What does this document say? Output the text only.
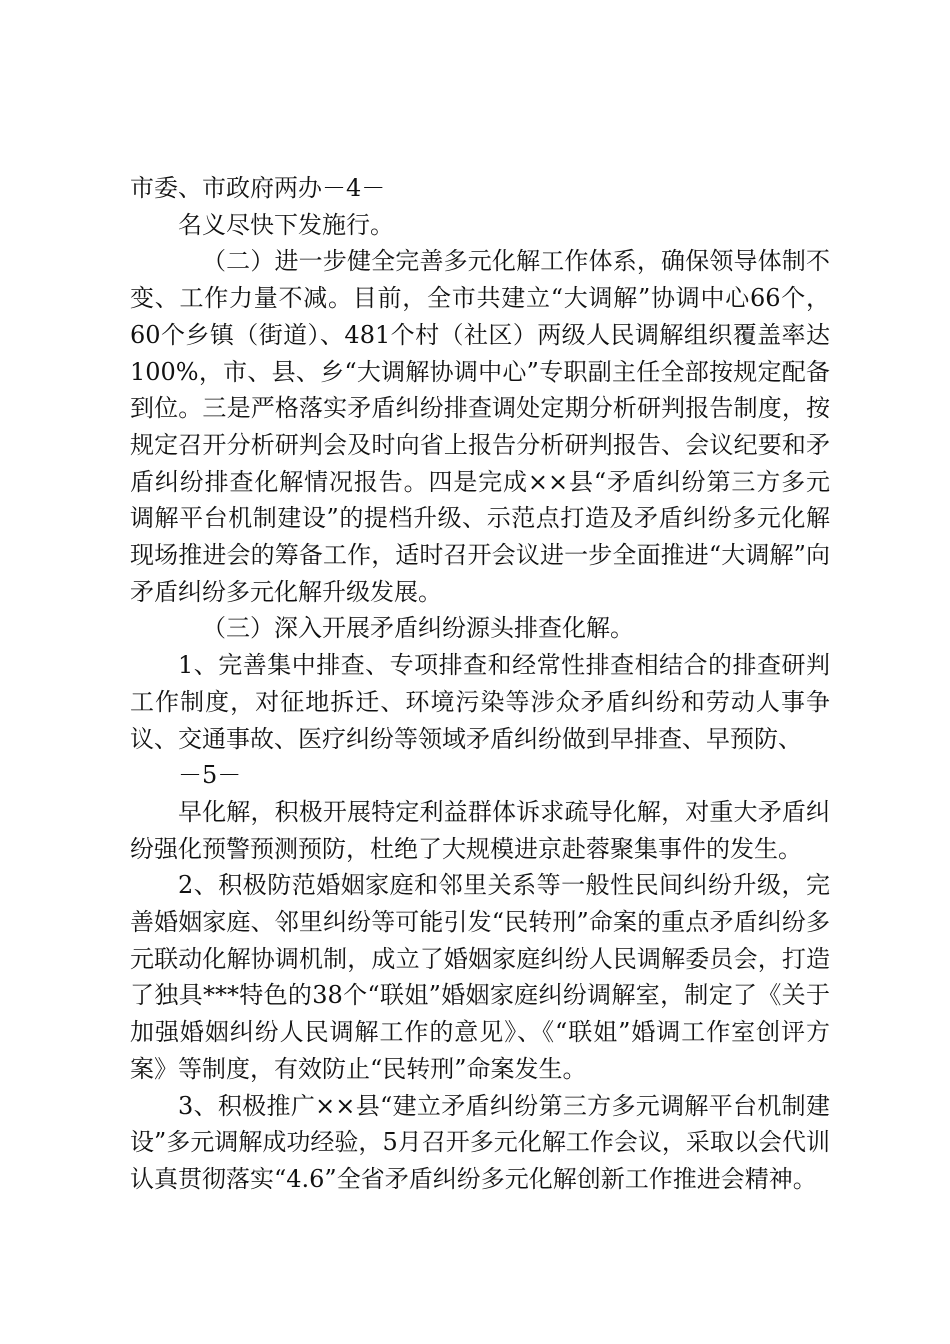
市委、市政府两办－4－

名义尽快下发施行。

（二）进一步健全完善多元化解工作体系，确保领导体制不变、工作力量不减。目前，全市共建立“大调解”协调中心66个，60个乡镇（街道）、481个村（社区）两级人民调解组织覆盖率达100%，市、县、乡“大调解协调中心”专职副主任全部按规定配备到位。三是严格落实矛盾纠纷排查调处定期分析研判报告制度，按规定召开分析研判会及时向省上报告分析研判报告、会议纪要和矛盾纠纷排查化解情况报告。四是完成××县“矛盾纠纷第三方多元调解平台机制建设”的提档升级、示范点打造及矛盾纠纷多元化解现场推进会的筹备工作，适时召开会议进一步全面推进“大调解”向矛盾纠纷多元化解升级发展。

（三）深入开展矛盾纠纷源头排查化解。

1、完善集中排查、专项排查和经常性排查相结合的排查研判工作制度，对征地拆迁、环境污染等涉众矛盾纠纷和劳动人事争议、交通事故、医疗纠纷等领域矛盾纠纷做到早排查、早预防、

－5－

早化解，积极开展特定利益群体诉求疏导化解，对重大矛盾纠纷强化预警预测预防，杜绝了大规模进京赴蓉聚集事件的发生。

2、积极防范婚姻家庭和邻里关系等一般性民间纠纷升级，完善婚姻家庭、邻里纠纷等可能引发“民转刑”命案的重点矛盾纠纷多元联动化解协调机制，成立了婚姻家庭纠纷人民调解委员会，打造了独具***特色的38个“联姐”婚姻家庭纠纷调解室，制定了《关于加强婚姻纠纷人民调解工作的意见》、《“联姐”婚调工作室创评方案》等制度，有效防止“民转刑”命案发生。

3、积极推广××县“建立矛盾纠纷第三方多元调解平台机制建设”多元调解成功经验，5月召开多元化解工作会议，采取以会代训认真贯彻落实“4.6”全省矛盾纠纷多元化解创新工作推进会精神。
